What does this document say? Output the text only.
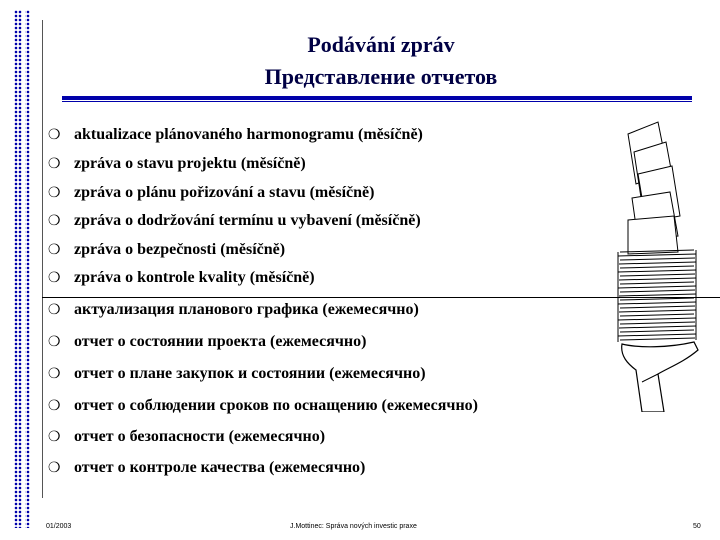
Podávání zpráv
Представление отчетов
❍ aktualizace plánovaného harmonogramu (měsíčně)
❍ zpráva o stavu projektu (měsíčně)
❍ zpráva o plánu pořizování a stavu (měsíčně)
❍ zpráva o dodržování termínu u vybavení (měsíčně)
❍ zpráva o bezpečnosti (měsíčně)
❍ zpráva o kontrole kvality (měsíčně)
❍ актуализация планового графика (ежемесячно)
❍ отчет о состоянии проекта (ежемесячно)
❍ отчет о плане закупок и состоянии (ежемесячно)
❍ отчет о соблюдении сроков по оснащению (ежемесячно)
❍ отчет о безопасности (ежемесячно)
❍ отчет о контроле качества (ежемесячно)
01/2003	J.Mottinec: Správa nových investic praxe	50
